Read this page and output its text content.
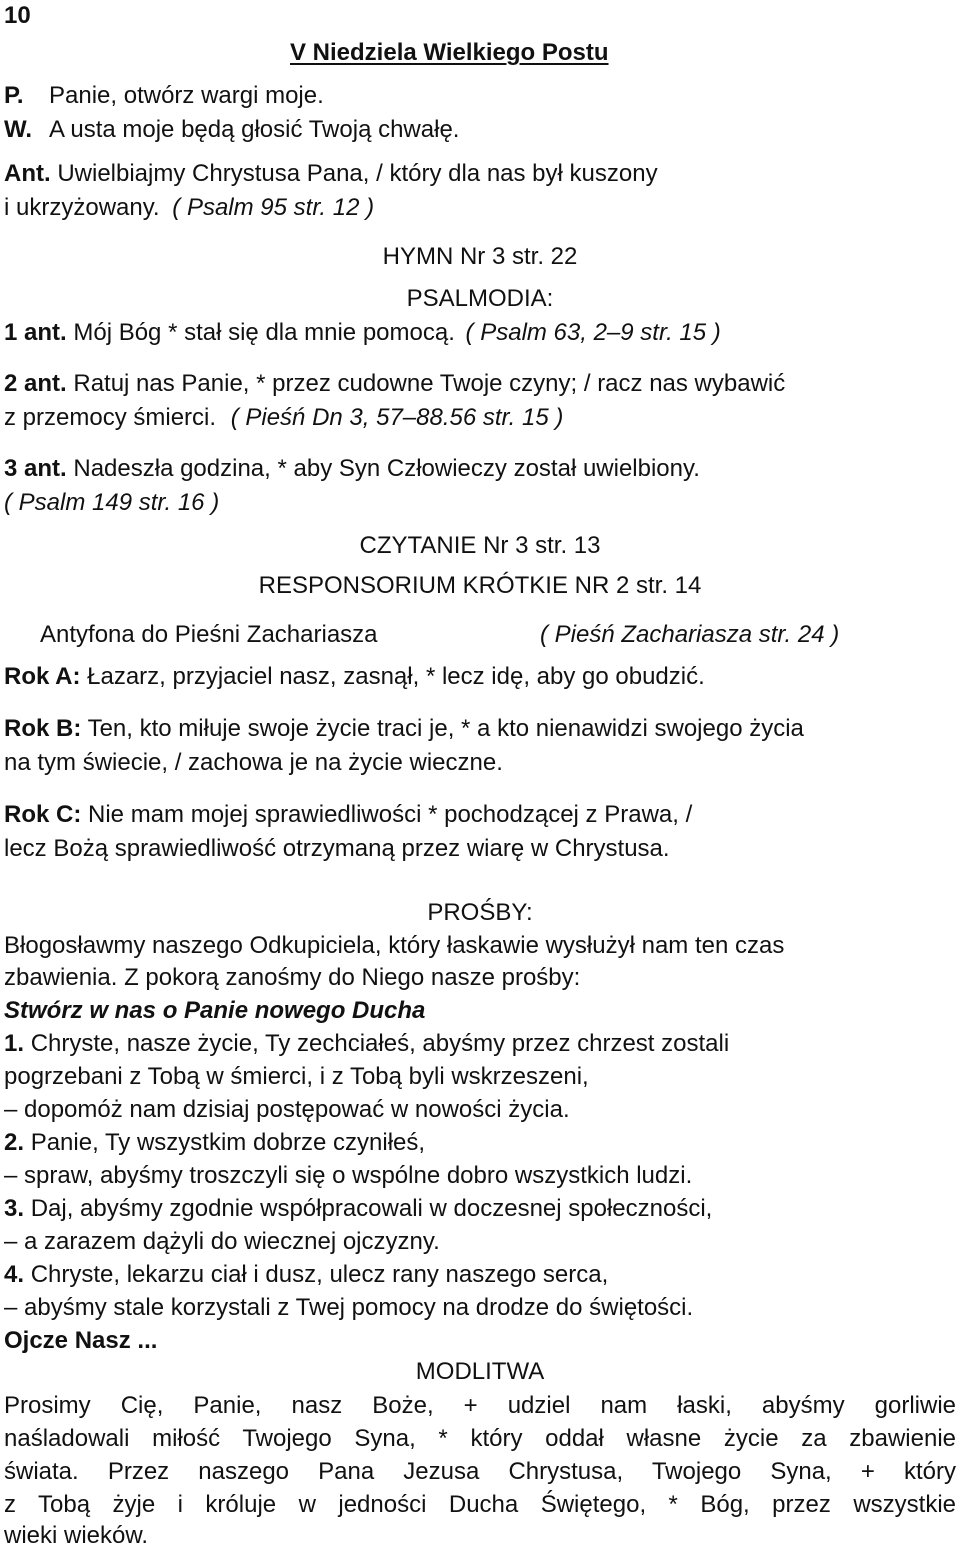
10
V Niedziela Wielkiego Postu
P. Panie, otwórz wargi moje.
W. A usta moje będą głosić Twoją chwałę.
Ant. Uwielbiajmy Chrystusa Pana, / który dla nas był kuszony
i ukrzyżowany. ( Psalm 95 str. 12 )
HYMN Nr 3 str. 22
PSALMODIA:
1 ant. Mój Bóg * stał się dla mnie pomocą. ( Psalm 63, 2–9 str. 15 )
2 ant. Ratuj nas Panie, * przez cudowne Twoje czyny; / racz nas wybawić
z przemocy śmierci. ( Pieśń Dn 3, 57–88.56 str. 15 )
3 ant. Nadeszła godzina, * aby Syn Człowieczy został uwielbiony.
( Psalm 149 str. 16 )
CZYTANIE Nr 3 str. 13
RESPONSORIUM KRÓTKIE NR 2 str. 14
Antyfona do Pieśni Zachariasza	( Pieśń Zachariasza str. 24 )
Rok A: Łazarz, przyjaciel nasz, zasnął, * lecz idę, aby go obudzić.
Rok B: Ten, kto miłuje swoje życie traci je, * a kto nienawidzi swojego życia
na tym świecie, / zachowa je na życie wieczne.
Rok C: Nie mam mojej sprawiedliwości * pochodzącej z Prawa, /
lecz Bożą sprawiedliwość otrzymaną przez wiarę w Chrystusa.
PROŚBY:
Błogosławmy naszego Odkupiciela, który łaskawie wysłużył nam ten czas
zbawienia. Z pokorą zanośmy do Niego nasze prośby:
Stwórz w nas o Panie nowego Ducha
1. Chryste, nasze życie, Ty zechciałeś, abyśmy przez chrzest zostali
pogrzebani z Tobą w śmierci, i z Tobą byli wskrzeszeni,
– dopomóż nam dzisiaj postępować w nowości życia.
2. Panie, Ty wszystkim dobrze czyniłeś,
– spraw, abyśmy troszczyli się o wspólne dobro wszystkich ludzi.
3. Daj, abyśmy zgodnie współpracowali w doczesnej społeczności,
– a zarazem dążyli do wiecznej ojczyzny.
4. Chryste, lekarzu ciał i dusz, ulecz rany naszego serca,
– abyśmy stale korzystali z Twej pomocy na drodze do świętości.
Ojcze Nasz ...
MODLITWA
Prosimy Cię, Panie, nasz Boże, + udziel nam łaski, abyśmy gorliwie
naśladowali miłość Twojego Syna, * który oddał własne życie za zbawienie
świata. Przez naszego Pana Jezusa Chrystusa, Twojego Syna, + który
z Tobą żyje i króluje w jedności Ducha Świętego, * Bóg, przez wszystkie
wieki wieków.
